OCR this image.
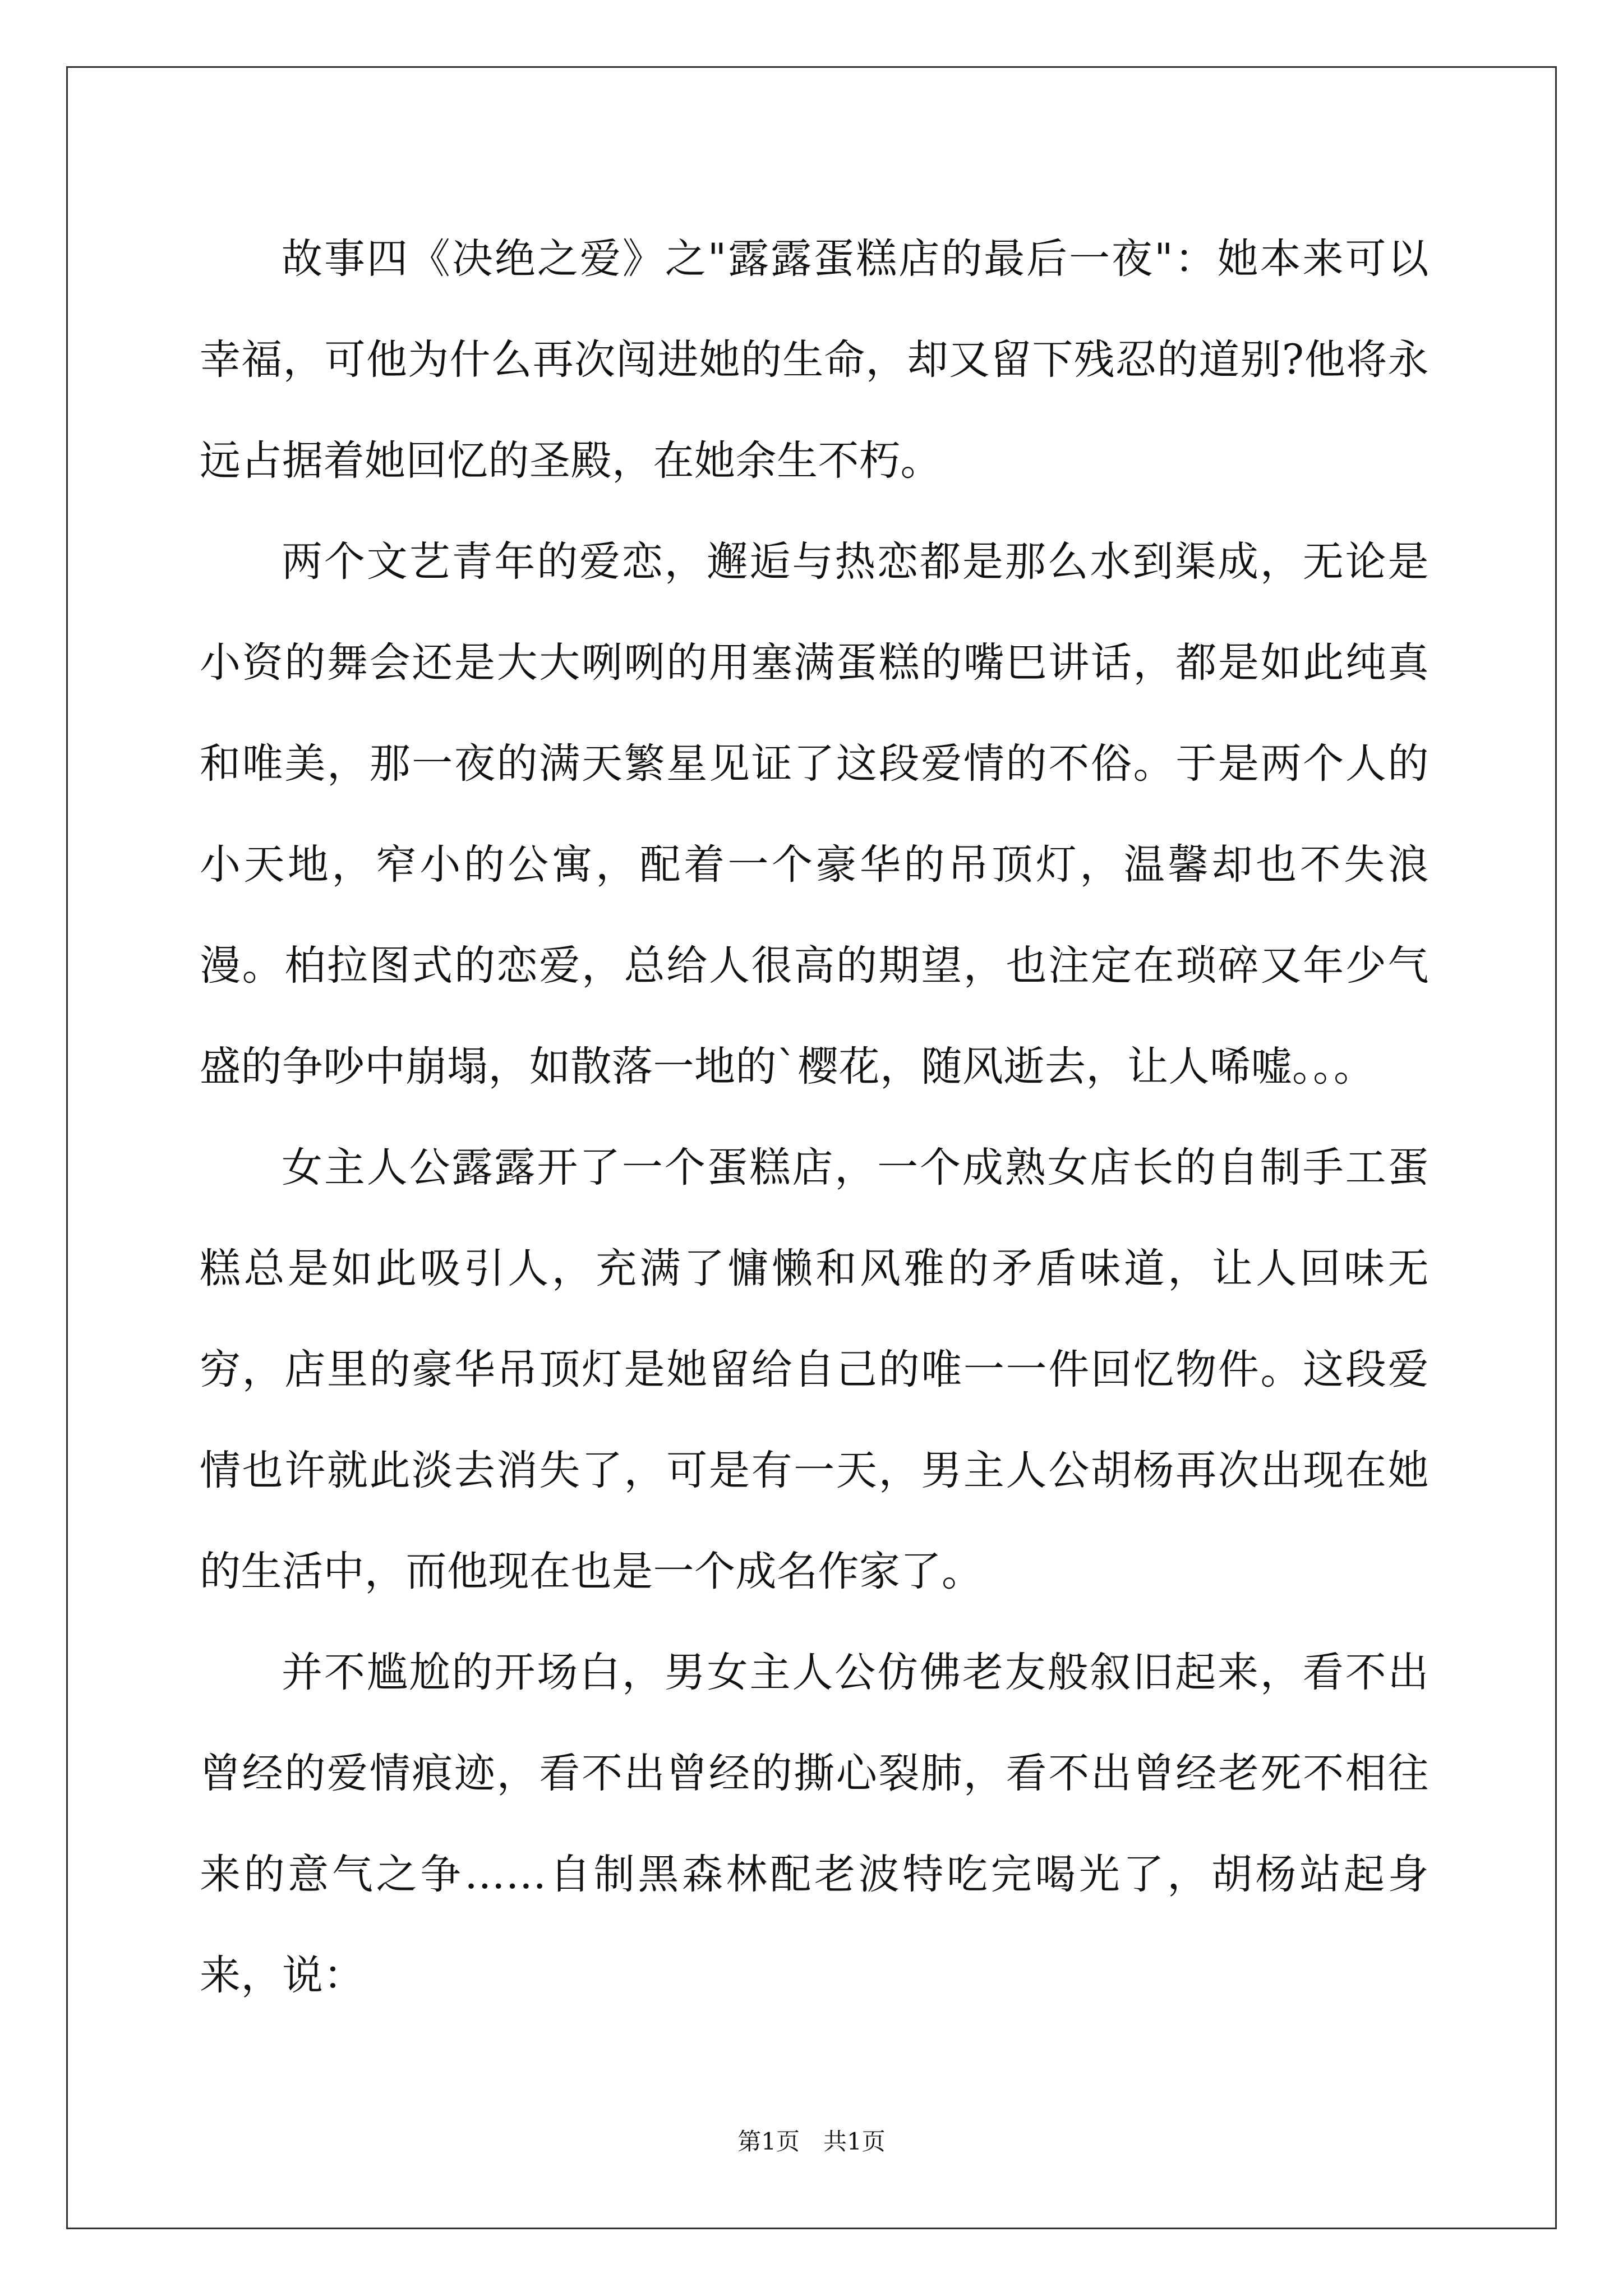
故事四《决绝之爱》之"露露蛋糕店的最后一夜"：她本来可以幸福，可他为什么再次闯进她的生命，却又留下残忍的道别?他将永远占据着她回忆的圣殿，在她余生不朽。

两个文艺青年的爱恋，邂逅与热恋都是那么水到渠成，无论是小资的舞会还是大大咧咧的用塞满蛋糕的嘴巴讲话，都是如此纯真和唯美，那一夜的满天繁星见证了这段爱情的不俗。于是两个人的小天地，窄小的公寓，配着一个豪华的吊顶灯，温馨却也不失浪漫。柏拉图式的恋爱，总给人很高的期望，也注定在琐碎又年少气盛的争吵中崩塌，如散落一地的`樱花，随风逝去，让人唏嘘。。。

女主人公露露开了一个蛋糕店，一个成熟女店长的自制手工蛋糕总是如此吸引人，充满了慵懒和风雅的矛盾味道，让人回味无穷，店里的豪华吊顶灯是她留给自己的唯一一件回忆物件。这段爱情也许就此淡去消失了，可是有一天，男主人公胡杨再次出现在她的生活中，而他现在也是一个成名作家了。

并不尴尬的开场白，男女主人公仿佛老友般叙旧起来，看不出曾经的爱情痕迹，看不出曾经的撕心裂肺，看不出曾经老死不相往来的意气之争……自制黑森林配老波特吃完喝光了，胡杨站起身来，说：

第1页　共1页
